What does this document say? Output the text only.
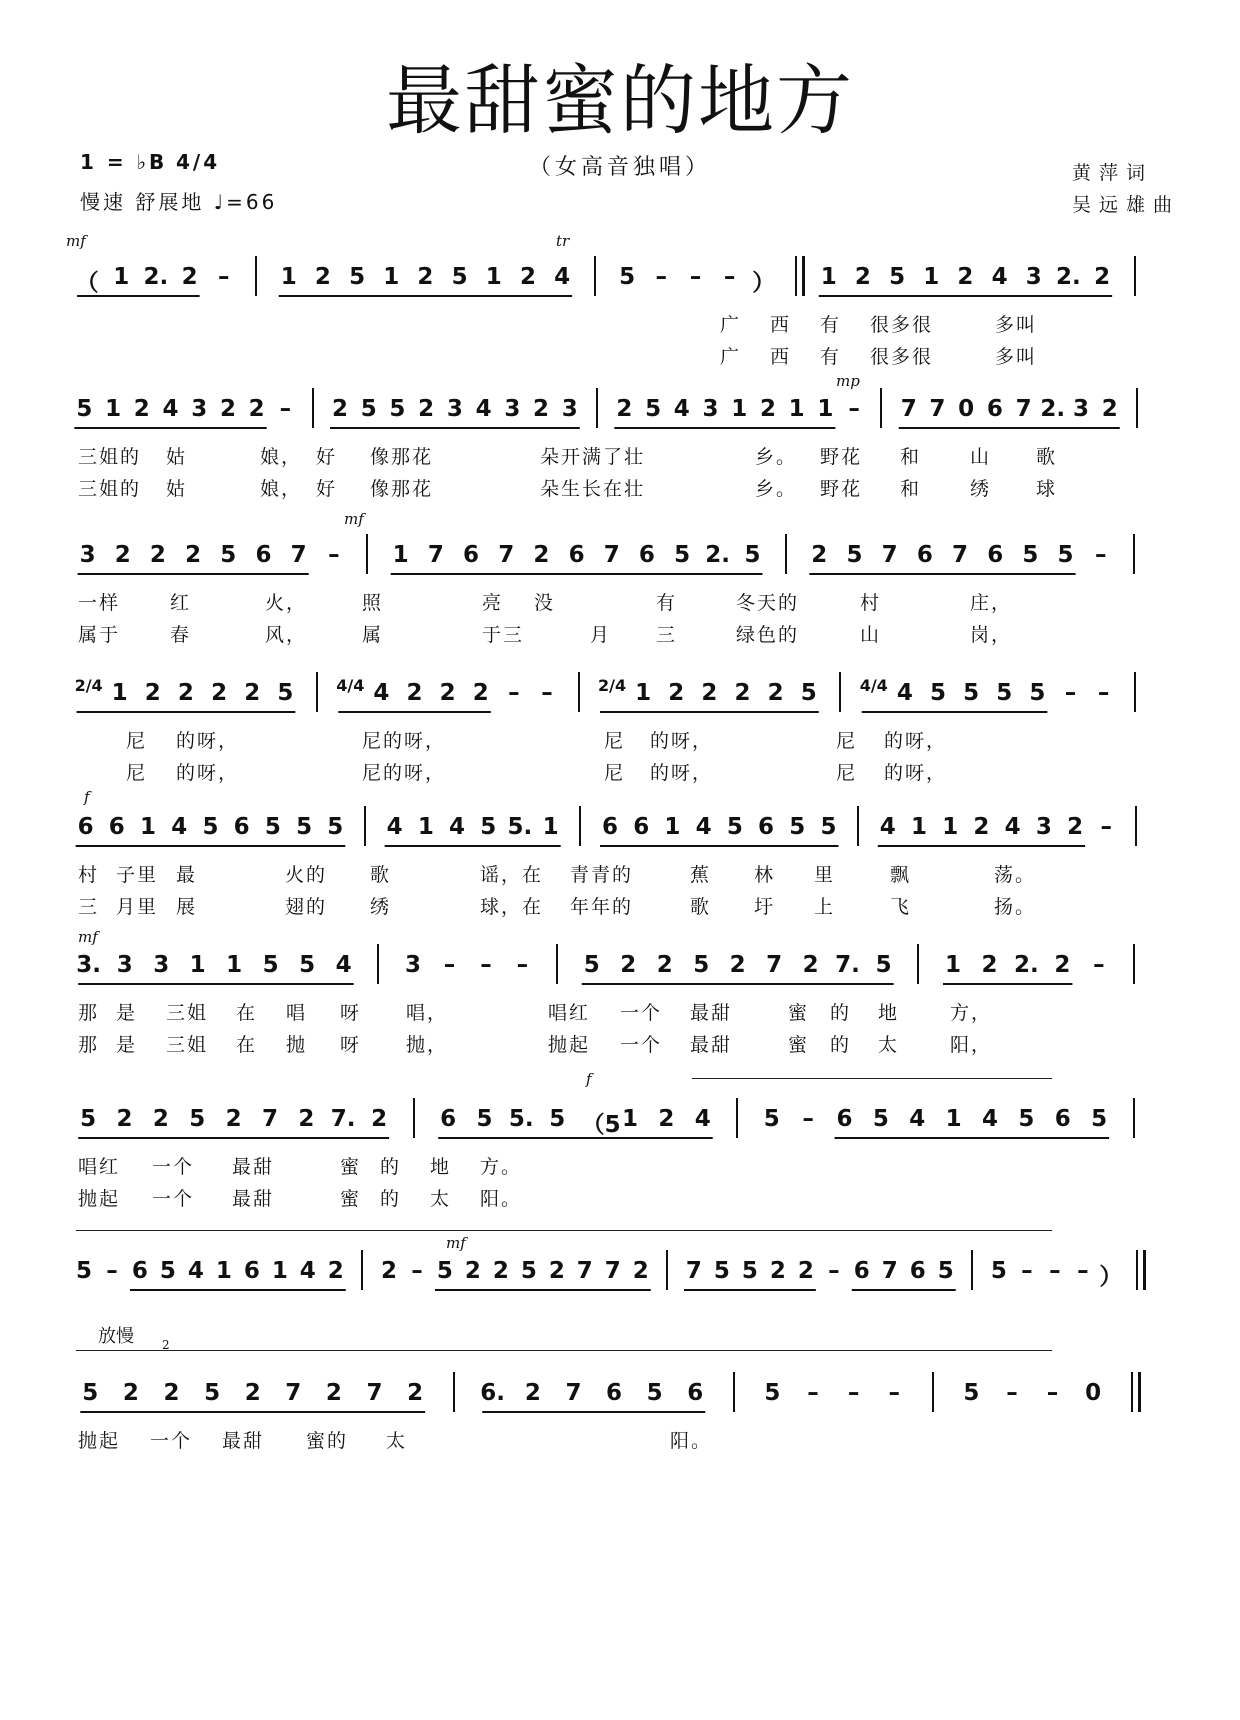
最甜蜜的地方
（女高音独唱）	黄萍词
吴远雄曲
1 = ♭B 4/4
慢速 舒展地 ♩=66
mf	tr
mp
mf
f
mf
f
mf
放慢 2
（ 1 2. 2 – 1 2 5 1 2 5 1 2 4 5 – – – ） 1 2 5 1 2 4 3 2. 2
广 西 有 很多很	多叫
广 西 有 很多很	多叫
5 1 2 4 3 2 2 – 2 5 5 2 3 4 3 2 3 2 5 4 3 1 2 1 1 – 7 7 0 6 7 2. 3 2
三姐的 姑	娘， 好 像那花	朵开满了壮	乡。 野花 和	山 歌
三姐的 姑	娘， 好 像那花	朵生长在壮	乡。 野花 和	绣 球
3 2 2 2 5 6 7 – 1 7 6 7 2 6 7 6 5 2. 5 2 5 7 6 7 6 5 5 –
一样	红	火，	照	亮 没	有	冬天的	村	庄，
属于	春	风，	属	于三	月 三	绿色的	山	岗，
2/4 1 2 2 2 2 5	4/4 4 2 2 2 – –	2/4 1 2 2 2 2 5	4/4 4 5 5 5 5 – –
尼 的呀，	尼的呀，	尼 的呀，	尼 的呀，
尼 的呀，	尼的呀，	尼 的呀，	尼 的呀，
6 6 1 4 5 6 5 5 5 4 1 4 5 5. 1 6 6 1 4 5 6 5 5 4 1 1 2 4 3 2 –
村 子里 最	火的 歌	谣，在 青青的	蕉 林 里	飘	荡。
三 月里 展	翅的 绣	球，在 年年的	歌 圩 上	飞	扬。
3. 3 3 1 1 5 5 4 3 – – – 5 2 2 5 2 7 2 7. 5 1 2 2. 2 –
那 是 三姐 在 唱 呀 唱，	唱红 一个 最甜	蜜 的 地	方，
那 是 三姐 在 抛 呀 抛，	抛起 一个 最甜	蜜 的 太	阳，
5 2 2 5 2 7 2 7. 2 6 5 5. 5 （5 1 2 4 5 – 6 5 4 1 4 5 6 5
唱红 一个 最甜	蜜 的 地 方。
抛起 一个 最甜	蜜 的 太 阳。
5 – 6 5 4 1 6 1 4 2 2 – 5 2 2 5 2 7 7 2 7 5 5 2 2 – 6 7 6 5 5 – – – ）
5 2 2 5 2 7 2 7 2 6. 2 7 6 5 6	5 – – –	5 – – 0
抛起 一个 最甜 蜜的 太	阳。
